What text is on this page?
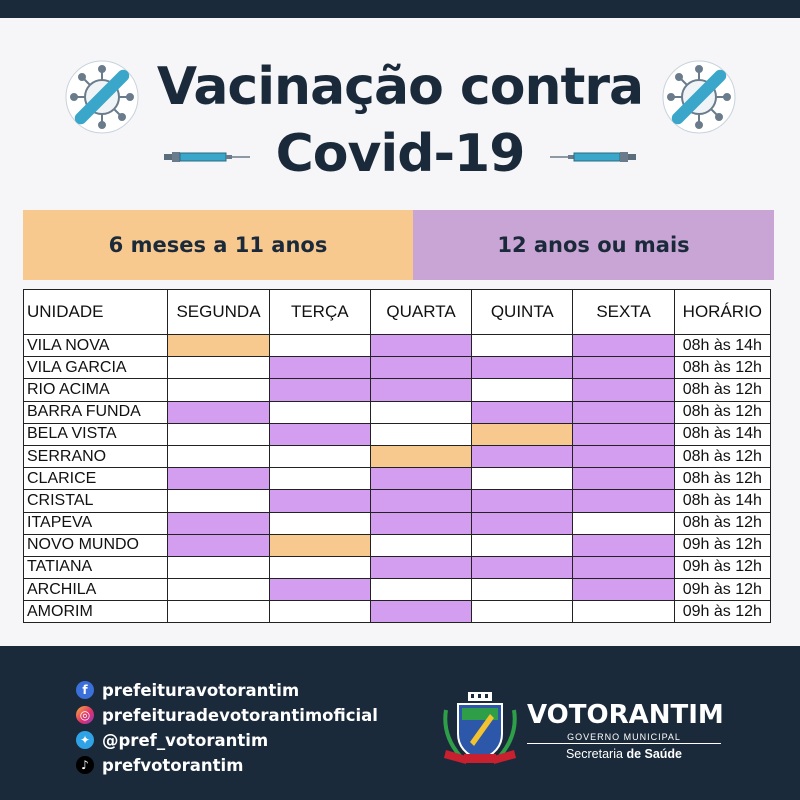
Vacinação contra
Covid-19
6 meses a 11 anos	12 anos ou mais
UNIDADE	SEGUNDA	TERÇA	QUARTA	QUINTA	SEXTA	HORÁRIO
VILA NOVA						08h às 14h
VILA GARCIA						08h às 12h
RIO ACIMA						08h às 12h
BARRA FUNDA						08h às 12h
BELA VISTA						08h às 14h
SERRANO						08h às 12h
CLARICE						08h às 12h
CRISTAL						08h às 14h
ITAPEVA						08h às 12h
NOVO MUNDO						09h às 12h
TATIANA						09h às 12h
ARCHILA						09h às 12h
AMORIM						09h às 12h
f prefeituravotorantim
◎ prefeituradevotorantimoficial
✦ @pref_votorantim
♪ prefvotorantim
VOTORANTIM
GOVERNO MUNICIPAL
Secretaria de Saúde
